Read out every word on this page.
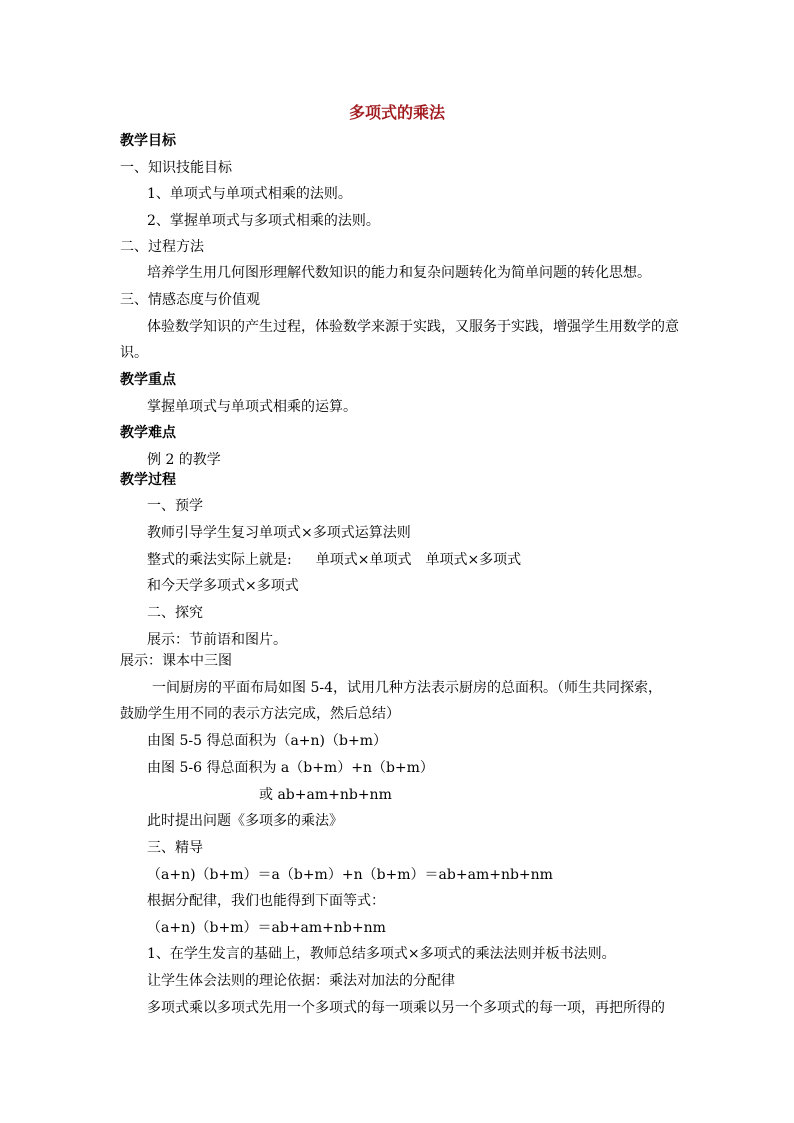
多项式的乘法
教学目标
一、知识技能目标
1、单项式与单项式相乘的法则。
2、掌握单项式与多项式相乘的法则。
二、过程方法
培养学生用几何图形理解代数知识的能力和复杂问题转化为简单问题的转化思想。
三、情感态度与价值观
体验数学知识的产生过程，体验数学来源于实践，又服务于实践，增强学生用数学的意
识。
教学重点
掌握单项式与单项式相乘的运算。
教学难点
例 2 的教学
教学过程
一、预学
教师引导学生复习单项式×多项式运算法则
整式的乘法实际上就是: 单项式×单项式 单项式×多项式
和今天学多项式×多项式
二、探究
展示：节前语和图片。
展示：课本中三图
一间厨房的平面布局如图 5-4，试用几种方法表示厨房的总面积。（师生共同探索，
鼓励学生用不同的表示方法完成，然后总结）
由图 5-5 得总面积为（a+n)（b+m）
由图 5-6 得总面积为 a（b+m）+n（b+m）
或 ab+am+nb+nm
此时提出问题《多项多的乘法》
三、精导
（a+n)（b+m）＝a（b+m）+n（b+m）＝ab+am+nb+nm
根据分配律，我们也能得到下面等式：
（a+n)（b+m）＝ab+am+nb+nm
1、在学生发言的基础上，教师总结多项式×多项式的乘法法则并板书法则。
让学生体会法则的理论依据：乘法对加法的分配律
多项式乘以多项式先用一个多项式的每一项乘以另一个多项式的每一项，再把所得的
